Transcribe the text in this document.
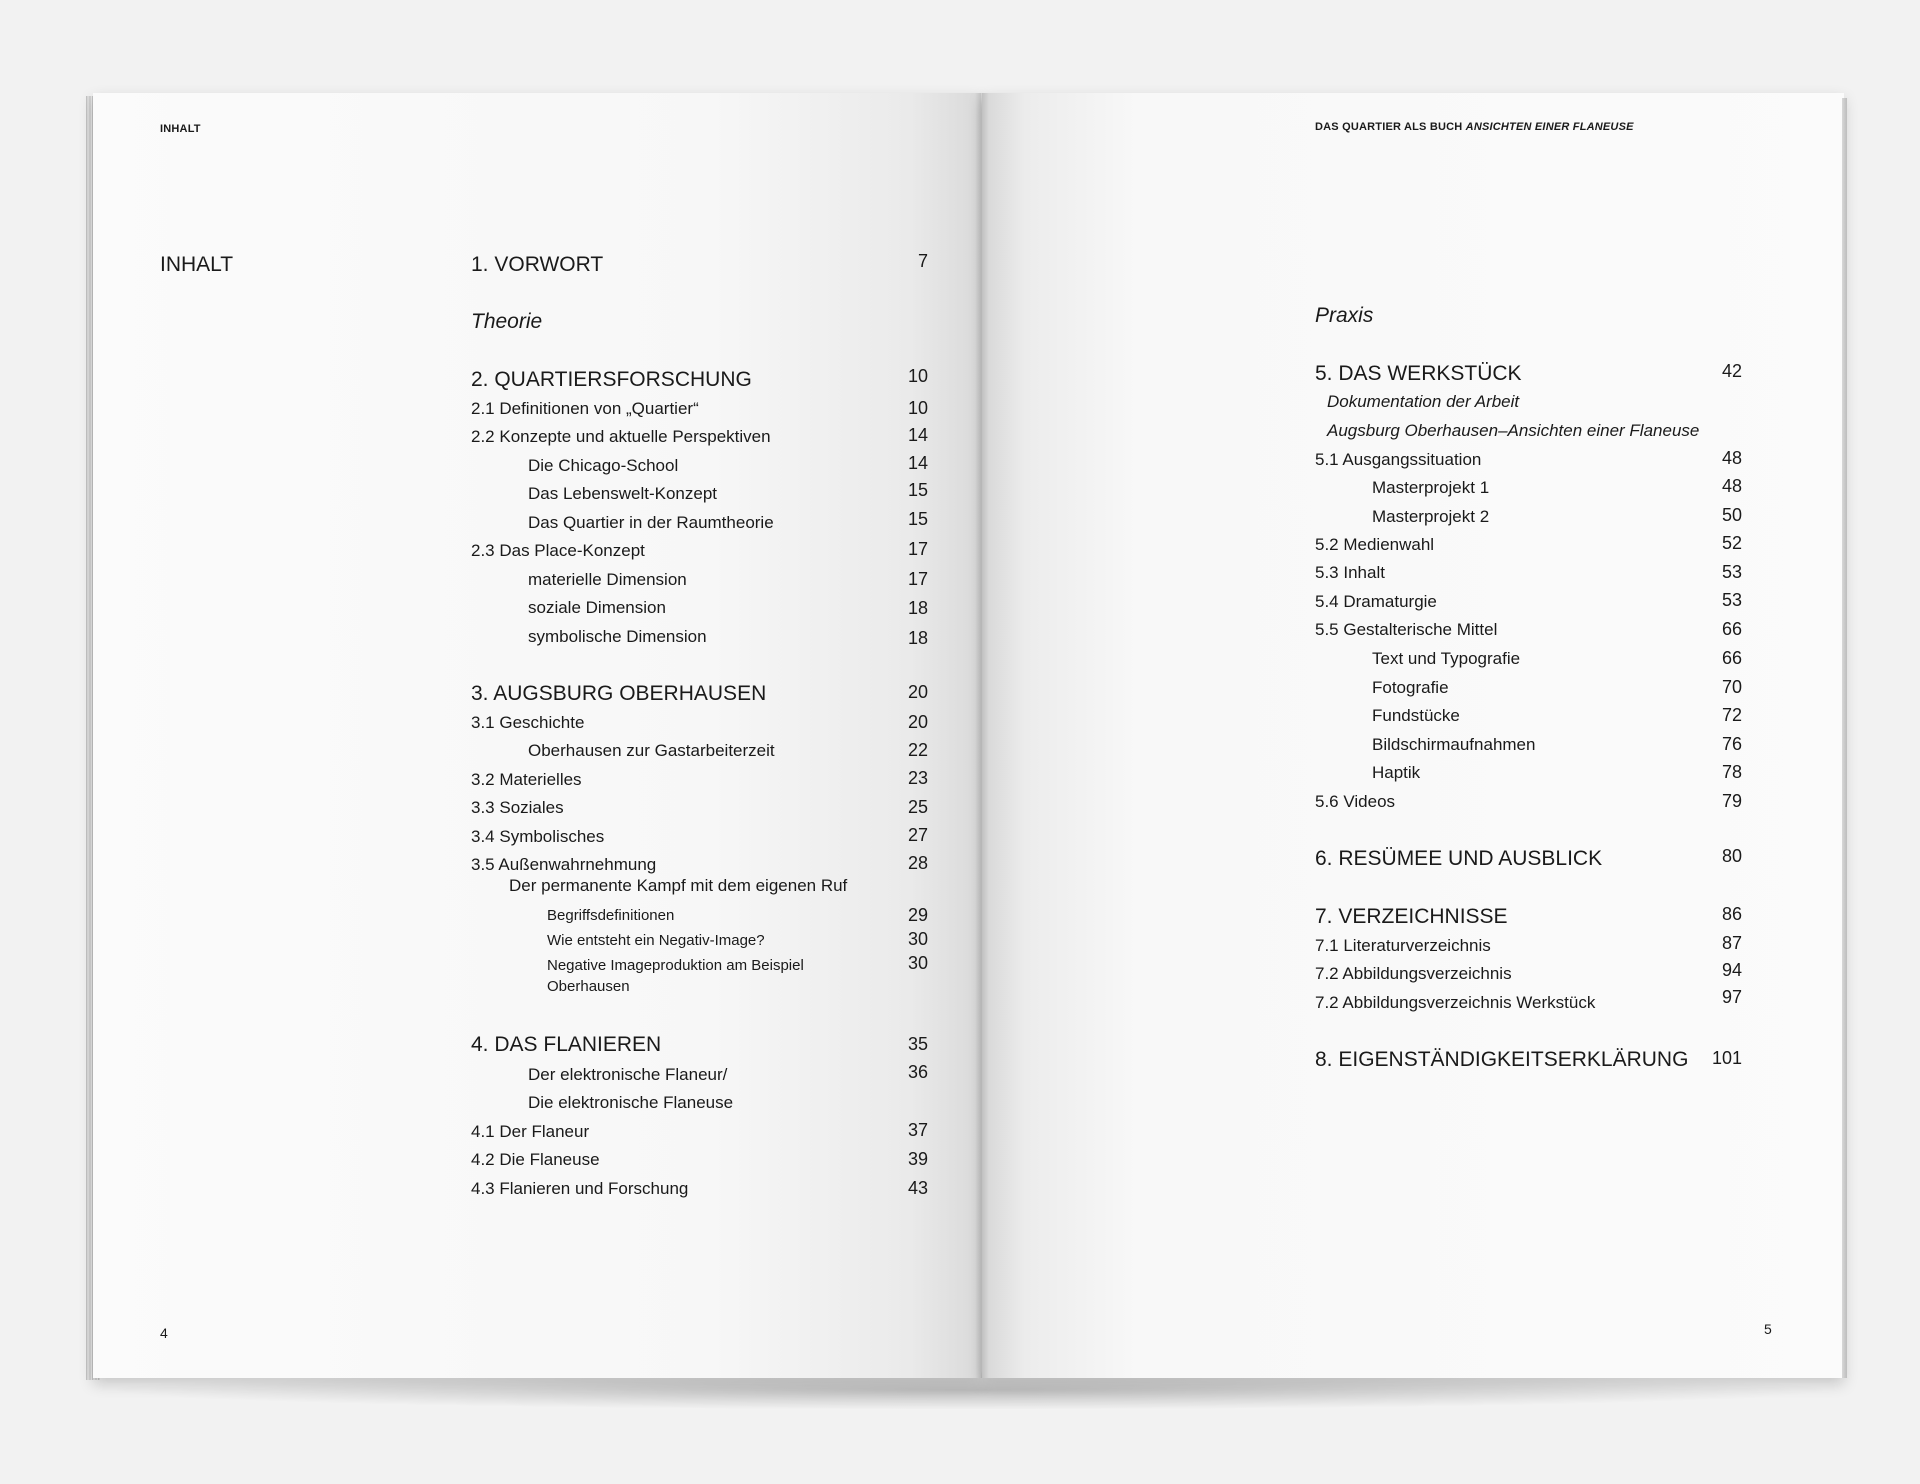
INHALT
INHALT	1. VORWORT	7
Theorie
2. QUARTIERSFORSCHUNG	10
2.1 Definitionen von „Quartier“	10
2.2 Konzepte und aktuelle Perspektiven	14
Die Chicago-School	14
Das Lebenswelt-Konzept	15
Das Quartier in der Raumtheorie	15
2.3 Das Place-Konzept	17
materielle Dimension	17
soziale Dimension	18
symbolische Dimension	18
3. AUGSBURG OBERHAUSEN	20
3.1 Geschichte	20
Oberhausen zur Gastarbeiterzeit	22
3.2 Materielles	23
3.3 Soziales	25
3.4 Symbolisches	27
3.5 Außenwahrnehmung	28
Der permanente Kampf mit dem eigenen Ruf
Begriffsdefinitionen	29
Wie entsteht ein Negativ-Image?	30
Negative Imageproduktion am Beispiel	30
Oberhausen
4. DAS FLANIEREN	35
Der elektronische Flaneur/	36
Die elektronische Flaneuse
4.1 Der Flaneur	37
4.2 Die Flaneuse	39
4.3 Flanieren und Forschung	43
4
DAS QUARTIER ALS BUCH ANSICHTEN EINER FLANEUSE
Praxis
5. DAS WERKSTÜCK	42
Dokumentation der Arbeit
Augsburg Oberhausen–Ansichten einer Flaneuse
5.1 Ausgangssituation	48
Masterprojekt 1	48
Masterprojekt 2	50
5.2 Medienwahl	52
5.3 Inhalt	53
5.4 Dramaturgie	53
5.5 Gestalterische Mittel	66
Text und Typografie	66
Fotografie	70
Fundstücke	72
Bildschirmaufnahmen	76
Haptik	78
5.6 Videos	79
6. RESÜMEE UND AUSBLICK	80
7. VERZEICHNISSE	86
7.1 Literaturverzeichnis	87
7.2 Abbildungsverzeichnis	94
7.2 Abbildungsverzeichnis Werkstück	97
8. EIGENSTÄNDIGKEITSERKLÄRUNG	101
5
